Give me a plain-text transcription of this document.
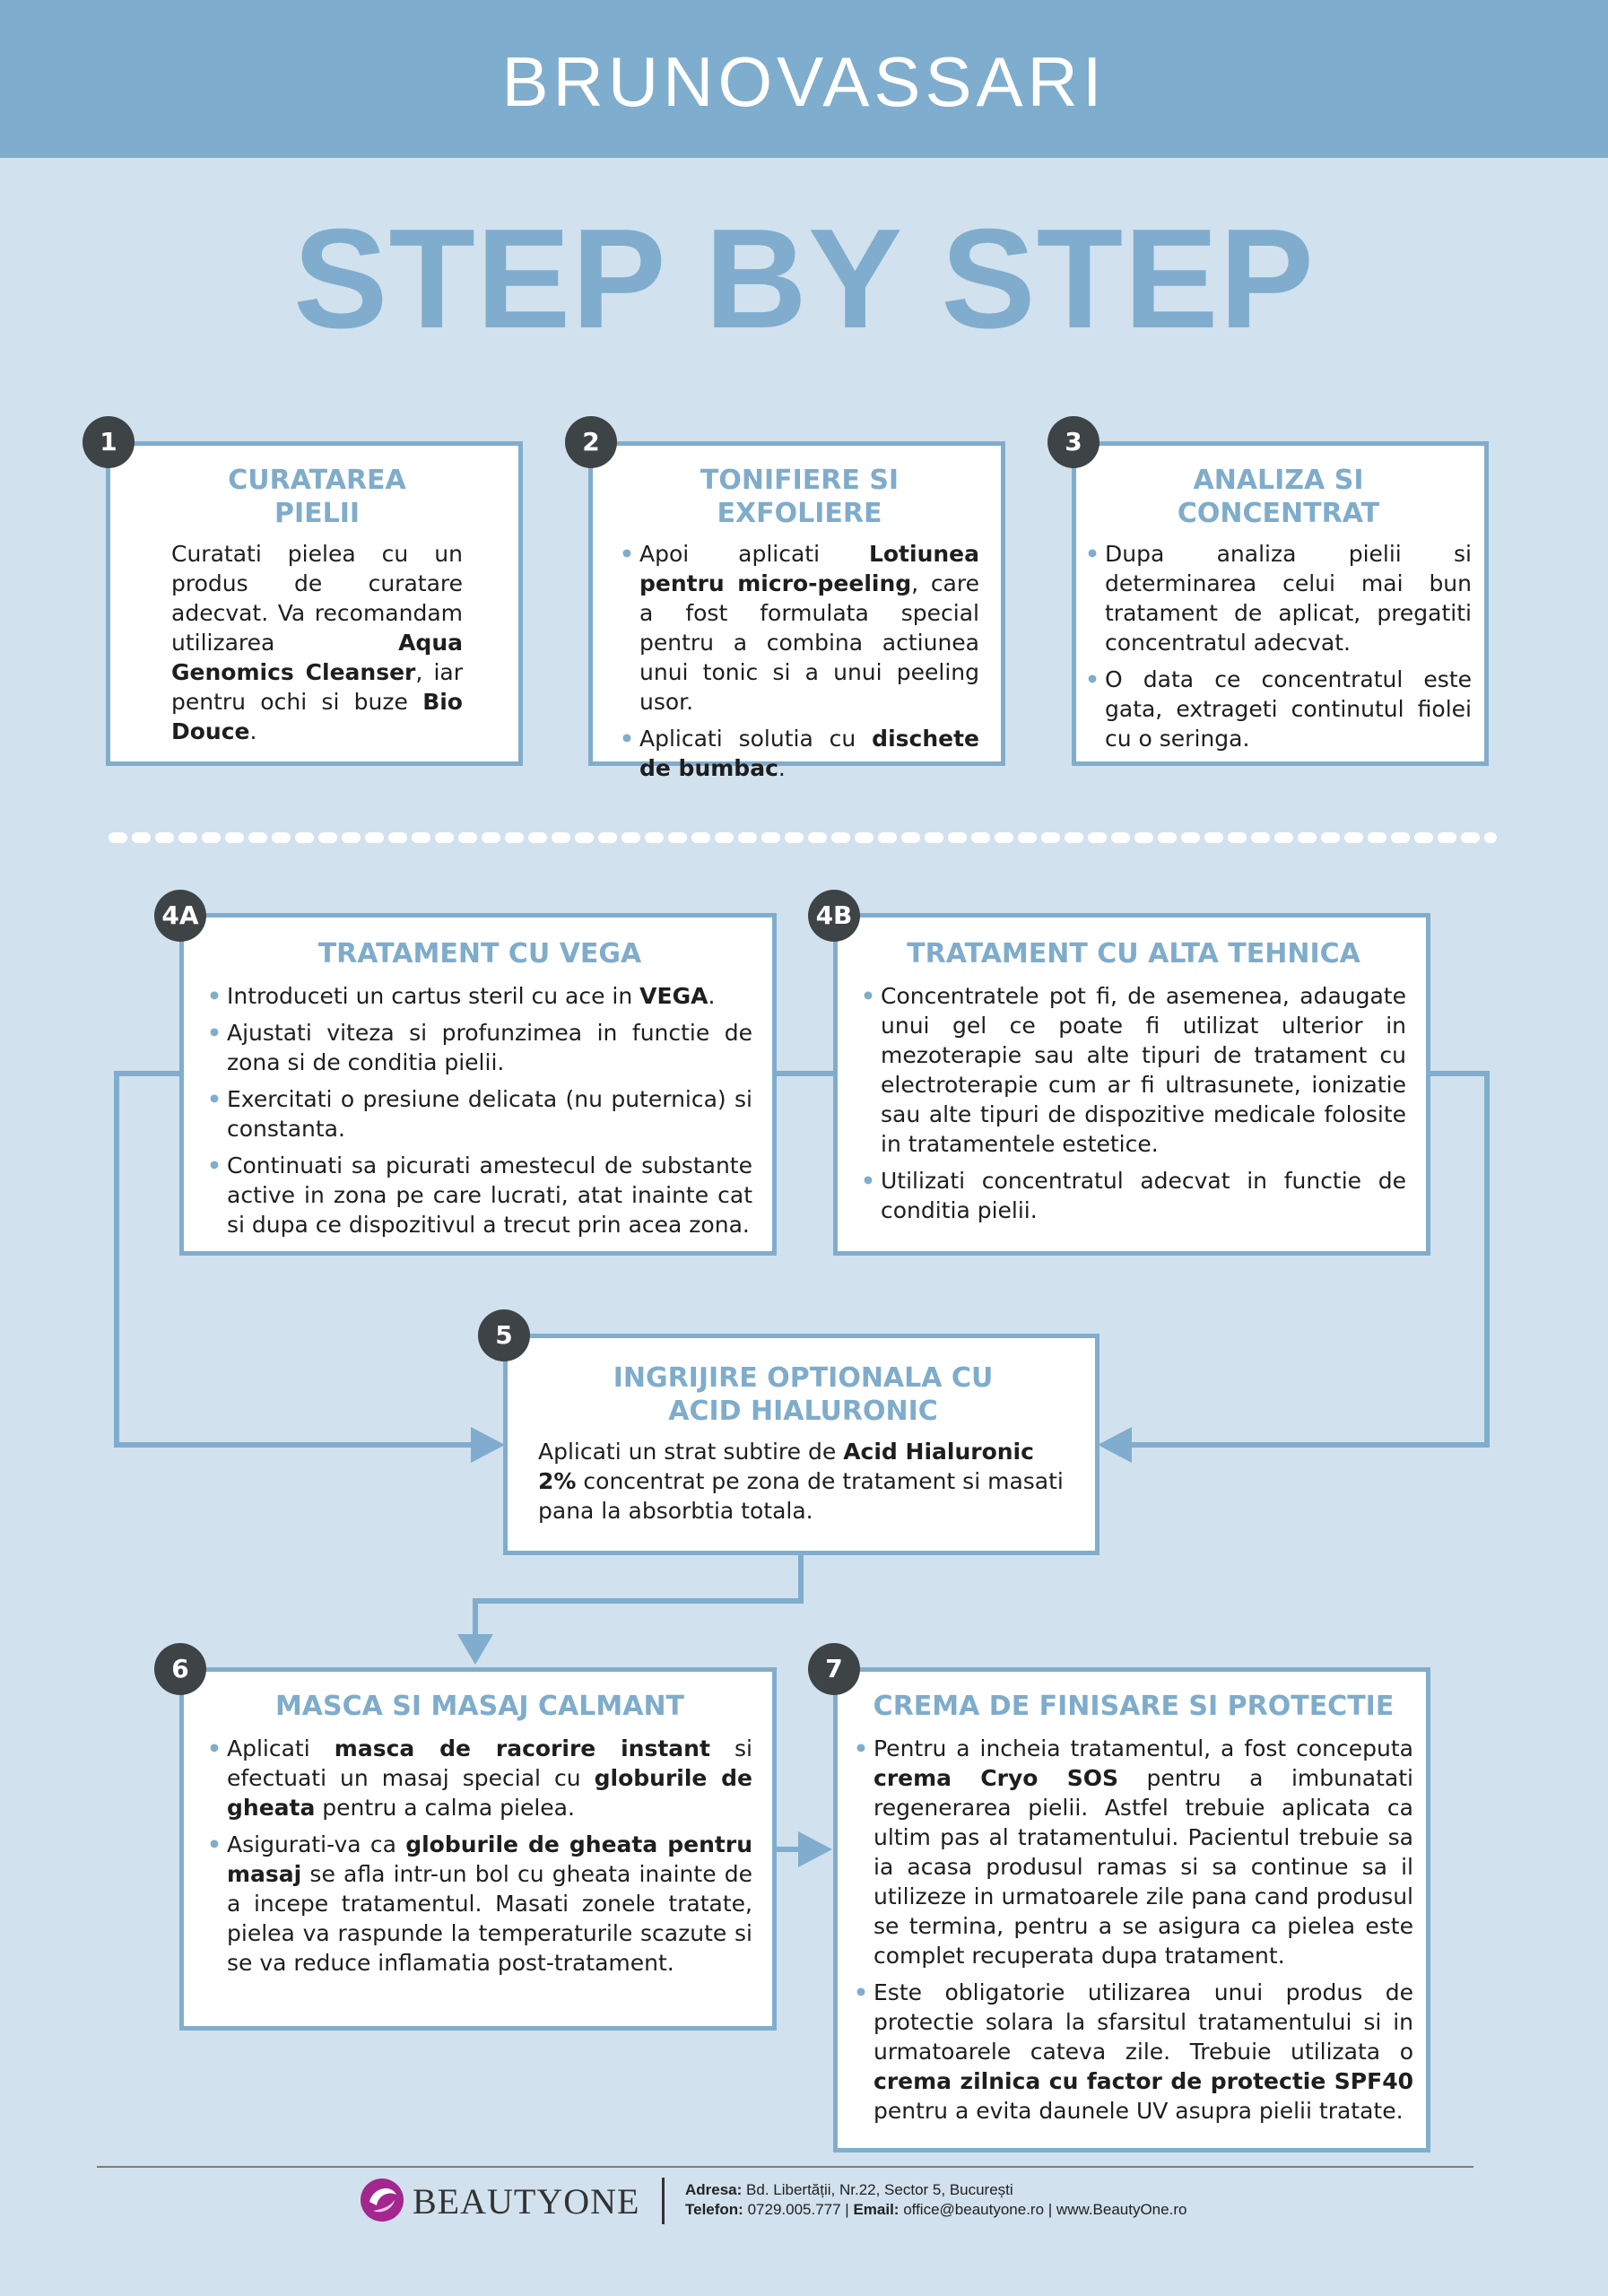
BRUNOVASSARI
STEP BY STEP
CURATAREA
PIELII

Curatati pielea cu un produs de curatare adecvat. Va recomandam utilizarea Aqua Genomics Cleanser, iar pentru ochi si buze Bio Douce.

1
TONIFIERE SI
EXFOLIERE
• Apoi aplicati Lotiunea pentru micro-peeling, care a fost formulata special pentru a combina actiunea unui tonic si a unui peeling usor.
• Aplicati solutia cu dischete de bumbac.
2
ANALIZA SI
CONCENTRAT
• Dupa analiza pielii si determinarea celui mai bun tratament de aplicat, pregatiti concentratul adecvat.
• O data ce concentratul este gata, extrageti continutul fiolei cu o seringa.
3
TRATAMENT CU VEGA
• Introduceti un cartus steril cu ace in VEGA.
• Ajustati viteza si profunzimea in functie de zona si de conditia pielii.
• Exercitati o presiune delicata (nu puternica) si constanta.
• Continuati sa picurati amestecul de substante active in zona pe care lucrati, atat inainte cat si dupa ce dispozitivul a trecut prin acea zona.
4A
TRATAMENT CU ALTA TEHNICA
• Concentratele pot fi, de asemenea, adaugate unui gel ce poate fi utilizat ulterior in mezoterapie sau alte tipuri de tratament cu electroterapie cum ar fi ultrasunete, ionizatie sau alte tipuri de dispozitive medicale folosite in tratamentele estetice.
• Utilizati concentratul adecvat in functie de conditia pielii.
4B
INGRIJIRE OPTIONALA CU
ACID HIALURONIC

Aplicati un strat subtire de Acid Hialuronic 2% concentrat pe zona de tratament si masati pana la absorbtia totala.

5
MASCA SI MASAJ CALMANT
• Aplicati masca de racorire instant si efectuati un masaj special cu globurile de gheata pentru a calma pielea.
• Asigurati-va ca globurile de gheata pentru masaj se afla intr-un bol cu gheata inainte de a incepe tratamentul. Masati zonele tratate, pielea va raspunde la temperaturile scazute si se va reduce inflamatia post-tratament.
6
CREMA DE FINISARE SI PROTECTIE
• Pentru a incheia tratamentul, a fost conceputa crema Cryo SOS pentru a imbunatati regenerarea pielii. Astfel trebuie aplicata ca ultim pas al tratamentului. Pacientul trebuie sa ia acasa produsul ramas si sa continue sa il utilizeze in urmatoarele zile pana cand produsul se termina, pentru a se asigura ca pielea este complet recuperata dupa tratament.
• Este obligatorie utilizarea unui produs de protectie solara la sfarsitul tratamentului si in urmatoarele cateva zile. Trebuie utilizata o crema zilnica cu factor de protectie SPF40 pentru a evita daunele UV asupra pielii tratate.
7
BEAUTYONE	Adresa: Bd. Libertății, Nr.22, Sector 5, București
Telefon: 0729.005.777 | Email: office@beautyone.ro | www.BeautyOne.ro
